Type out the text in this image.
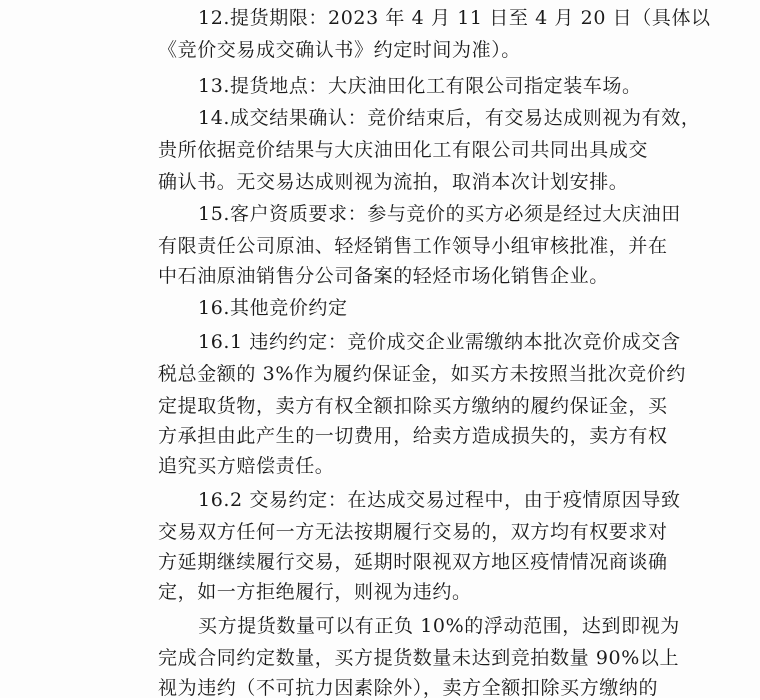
12.提货期限：2023 年 4 月 11 日至 4 月 20 日（具体以
《竞价交易成交确认书》约定时间为准）。
13.提货地点：大庆油田化工有限公司指定装车场。
14.成交结果确认：竞价结束后，有交易达成则视为有效，
贵所依据竞价结果与大庆油田化工有限公司共同出具成交
确认书。无交易达成则视为流拍，取消本次计划安排。
15.客户资质要求：参与竞价的买方必须是经过大庆油田
有限责任公司原油、轻烃销售工作领导小组审核批准，并在
中石油原油销售分公司备案的轻烃市场化销售企业。
16.其他竞价约定
16.1 违约约定：竞价成交企业需缴纳本批次竞价成交含
税总金额的 3%作为履约保证金，如买方未按照当批次竞价约
定提取货物，卖方有权全额扣除买方缴纳的履约保证金，买
方承担由此产生的一切费用，给卖方造成损失的，卖方有权
追究买方赔偿责任。
16.2 交易约定：在达成交易过程中，由于疫情原因导致
交易双方任何一方无法按期履行交易的，双方均有权要求对
方延期继续履行交易，延期时限视双方地区疫情情况商谈确
定，如一方拒绝履行，则视为违约。
买方提货数量可以有正负 10%的浮动范围，达到即视为
完成合同约定数量，买方提货数量未达到竞拍数量 90%以上
视为违约（不可抗力因素除外），卖方全额扣除买方缴纳的
